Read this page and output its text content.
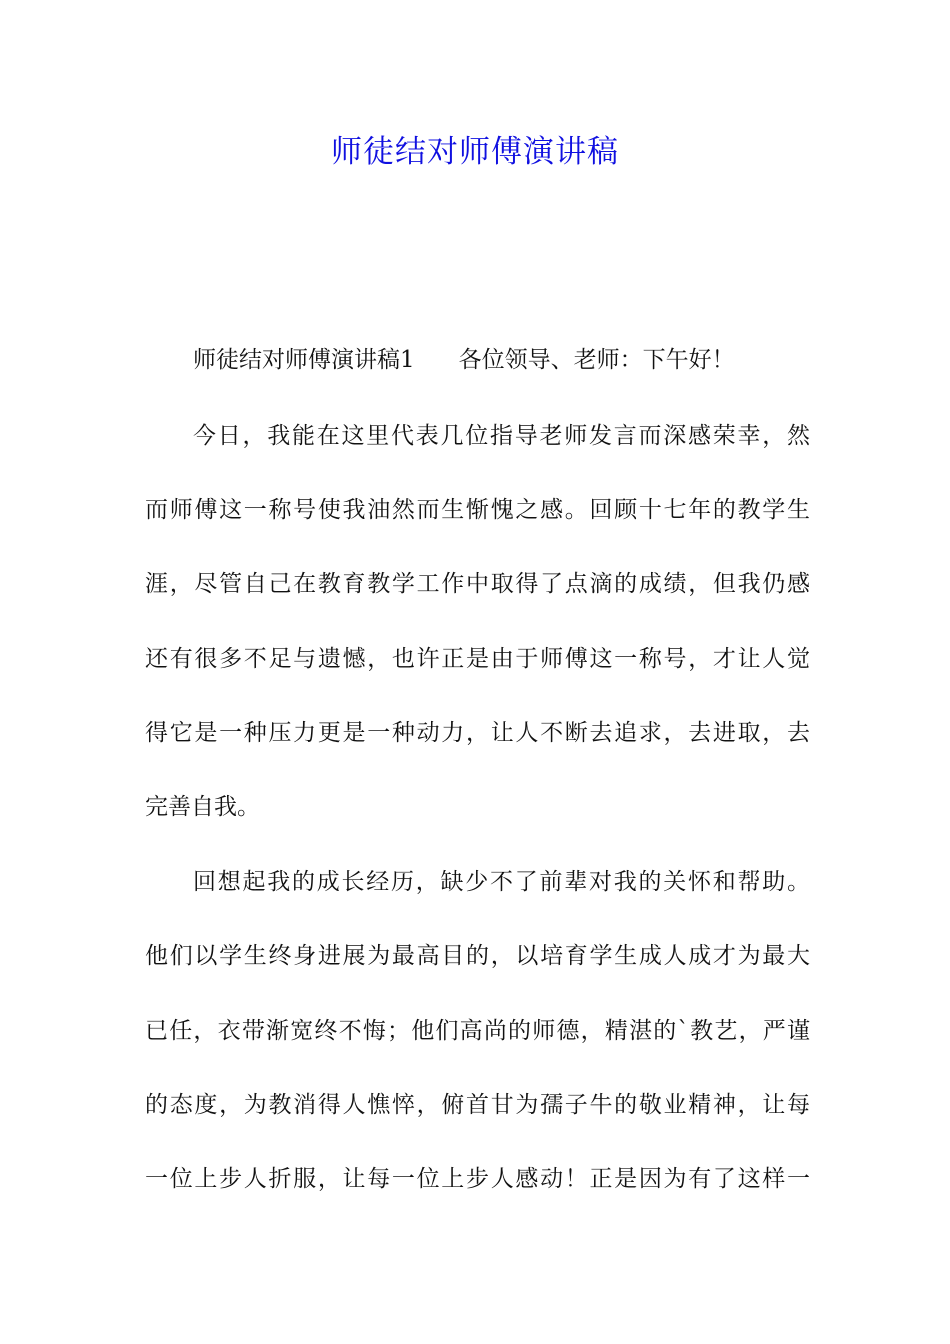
师徒结对师傅演讲稿
师徒结对师傅演讲稿1 各位领导、老师：下午好！
今日，我能在这里代表几位指导老师发言而深感荣幸，然
而师傅这一称号使我油然而生惭愧之感。回顾十七年的教学生
涯，尽管自己在教育教学工作中取得了点滴的成绩，但我仍感
还有很多不足与遗憾，也许正是由于师傅这一称号，才让人觉
得它是一种压力更是一种动力，让人不断去追求，去进取，去
完善自我。
回想起我的成长经历，缺少不了前辈对我的关怀和帮助。
他们以学生终身进展为最高目的，以培育学生成人成才为最大
已任，衣带渐宽终不悔；他们高尚的师德，精湛的`教艺，严谨
的态度，为教消得人憔悴，俯首甘为孺子牛的敬业精神，让每
一位上步人折服，让每一位上步人感动！正是因为有了这样一
